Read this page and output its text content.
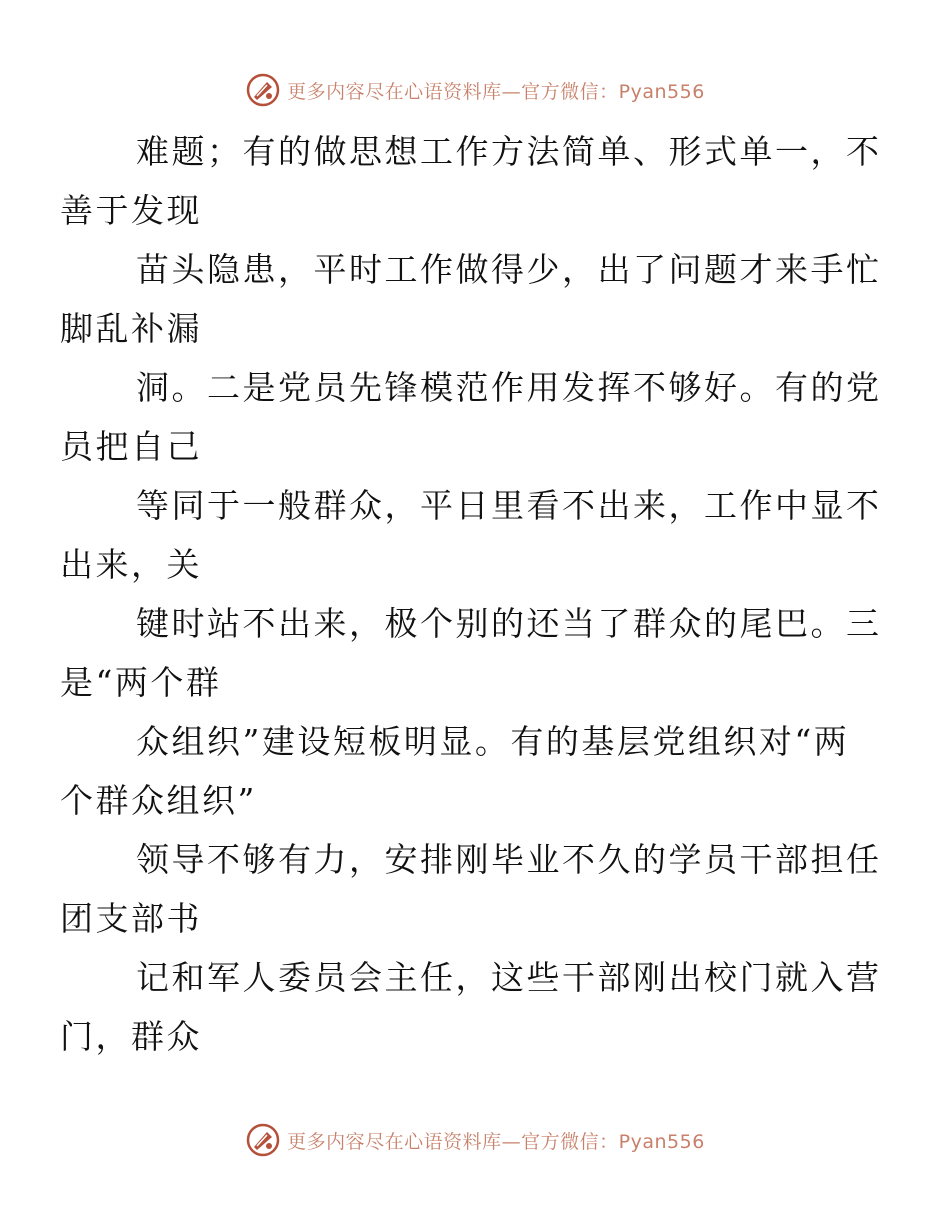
更多内容尽在心语资料库—官方微信：Pyan556

难题；有的做思想工作方法简单、形式单一，不
善于发现

苗头隐患，平时工作做得少，出了问题才来手忙
脚乱补漏

洞。二是党员先锋模范作用发挥不够好。有的党
员把自己

等同于一般群众，平日里看不出来，工作中显不
出来，关

键时站不出来，极个别的还当了群众的尾巴。三
是“两个群

众组织”建设短板明显。有的基层党组织对“两
个群众组织”

领导不够有力，安排刚毕业不久的学员干部担任
团支部书

记和军人委员会主任，这些干部刚出校门就入营
门，群众

更多内容尽在心语资料库—官方微信：Pyan556
